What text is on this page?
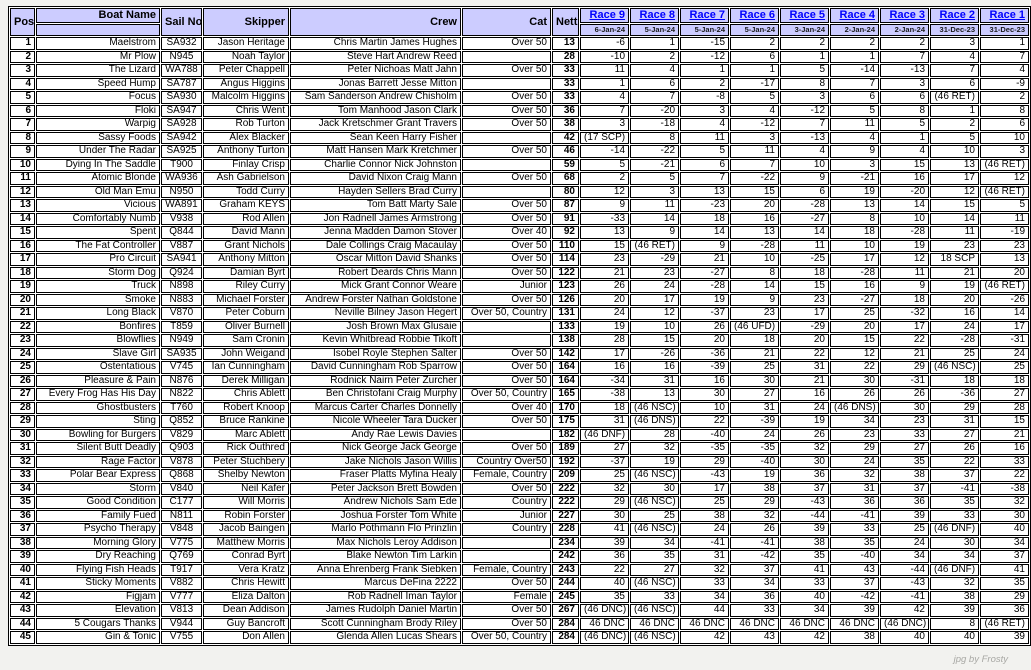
Pos	Boat Name	Sail No	Skipper	Crew	Cat	Nett	Race 9	Race 8	Race 7	Race 6	Race 5	Race 4	Race 3	Race 2	Race 1
							6-Jan-24	5-Jan-24	5-Jan-24	5-Jan-24	3-Jan-24	2-Jan-24	2-Jan-24	31-Dec-23	31-Dec-23
1	Maelstrom	SA932	Jason Heritage	Chris Martin James Hughes	Over 50	13	-6	1	-15	2	2	2	2	3	1
2	Mr Plow	N945	Noah Taylor	Steve Hart Andrew Reed		28	-10	2	-12	6	1	1	7	4	7
3	The Lizard	WA788	Peter Chappell	Peter Nichoas Matt Jahn	Over 50	33	11	4	1	1	5	-14	-13	7	4
4	Speed Hump	SA787	Angus Higgins	Jonas Barrett Jesse Mitton		33	1	6	2	-17	8	7	3	6	-9
5	Focus	SA930	Malcolm Higgins	Sam Sanderson Andrew Chisholm	Over 50	33	4	7	-8	5	3	6	6	(46 RET)	2
6	Floki	SA947	Chris Went	Tom Manhood Jason Clark	Over 50	36	7	-20	3	4	-12	5	8	1	8
7	Warpig	SA928	Rob Turton	Jack Kretschmer Grant Travers	Over 50	38	3	-18	4	-12	7	11	5	2	6
8	Sassy Foods	SA942	Alex Blacker	Sean Keen Harry Fisher		42	(17 SCP)	8	11	3	-13	4	1	5	10
9	Under The Radar	SA925	Anthony Turton	Matt Hansen Mark Kretchmer	Over 50	46	-14	-22	5	11	4	9	4	10	3
10	Dying In The Saddle	T900	Finlay Crisp	Charlie Connor Nick Johnston		59	5	-21	6	7	10	3	15	13	(46 RET)
11	Atomic Blonde	WA936	Ash Gabrielson	David Nixon Craig Mann	Over 50	68	2	5	7	-22	9	-21	16	17	12
12	Old Man Emu	N950	Todd Curry	Hayden Sellers Brad Curry		80	12	3	13	15	6	19	-20	12	(46 RET)
13	Vicious	WA891	Graham KEYS	Tom Batt Marty Sale	Over 50	87	9	11	-23	20	-28	13	14	15	5
14	Comfortably Numb	V938	Rod Allen	Jon Radnell James Armstrong	Over 50	91	-33	14	18	16	-27	8	10	14	11
15	Spent	Q844	David Mann	Jenna Madden Damon Stover	Over 40	92	13	9	14	13	14	18	-28	11	-19
16	The Fat Controller	V887	Grant Nichols	Dale Collings Craig Macaulay	Over 50	110	15	(46 RET)	9	-28	11	10	19	23	23
17	Pro Circuit	SA941	Anthony Mitton	Oscar Mitton David Shanks	Over 50	114	23	-29	21	10	-25	17	12	18 SCP	13
18	Storm Dog	Q924	Damian Byrt	Robert Deards Chris Mann	Over 50	122	21	23	-27	8	18	-28	11	21	20
19	Truck	N898	Riley Curry	Mick Grant Connor Weare	Junior	123	26	24	-28	14	15	16	9	19	(46 RET)
20	Smoke	N883	Michael Forster	Andrew Forster Nathan Goldstone	Over 50	126	20	17	19	9	23	-27	18	20	-26
21	Long Black	V870	Peter Coburn	Neville Bilney Jason Hegert	Over 50, Country	131	24	12	-37	23	17	25	-32	16	14
22	Bonfires	T859	Oliver Burnell	Josh Brown Max Glusaie		133	19	10	26	(46 UFD)	-29	20	17	24	17
23	Blowflies	N949	Sam Cronin	Kevin Whitbread Robbie Tikoft		138	28	15	20	18	20	15	22	-28	-31
24	Slave Girl	SA935	John Weigand	Isobel Royle Stephen Salter	Over 50	142	17	-26	-36	21	22	12	21	25	24
25	Ostentatious	V745	Ian Cunningham	David Cunningham Rob Sparrow	Over 50	164	16	16	-39	25	31	22	29	(46 NSC)	25
26	Pleasure & Pain	N876	Derek Milligan	Rodnick Nairn Peter Zurcher	Over 50	164	-34	31	16	30	21	30	-31	18	18
27	Every Frog Has His Day	N822	Chris Ablett	Ben Christofani Craig Murphy	Over 50, Country	165	-38	13	30	27	16	26	26	-36	27
28	Ghostbusters	T760	Robert Knoop	Marcus Carter Charles Donnelly	Over 40	170	18	(46 NSC)	10	31	24	(46 DNS)	30	29	28
29	Sting	Q852	Bruce Rankine	Nicole Wheeler Tara Ducker	Over 50	175	31	(46 DNS)	22	-39	19	34	23	31	15
30	Bowling for Burgers	V829	Marc Ablett	Andy Rae Lewis Davies		182	(46 DNF)	28	-40	24	26	23	33	27	21
31	Silent Butt Deadly	Q903	Rick Outhred	Nick George Jack George	Over 50	189	27	32	-35	-35	32	29	27	26	16
32	Rage Factor	V878	Peter Stuchbery	Jake Nichols Jason Willis	Country Over50	192	-37	19	29	-40	30	24	35	22	33
33	Polar Bear Express	Q868	Shelby Newton	Fraser Platts Myfina Healy	Female, Country	209	25	(46 NSC)	-43	19	36	32	38	37	22
34	Storm	V840	Neil Kafer	Peter Jackson Brett Bowden	Over 50	222	32	30	17	38	37	31	37	-41	-38
35	Good Condition	C177	Will Morris	Andrew Nichols Sam Ede	Country	222	29	(46 NSC)	25	29	-43	36	36	35	32
36	Family Fued	N811	Robin Forster	Joshua Forster Tom White	Junior	227	30	25	38	32	-44	-41	39	33	30
37	Psycho Therapy	V848	Jacob Baingen	Marlo Pothmann Flo Prinzlin	Country	228	41	(46 NSC)	24	26	39	33	25	(46 DNF)	40
38	Morning Glory	V775	Matthew Morris	Max Nichols Leroy Addison		234	39	34	-41	-41	38	35	24	30	34
39	Dry Reaching	Q769	Conrad Byrt	Blake Newton Tim Larkin		242	36	35	31	-42	35	-40	34	34	37
40	Flying Fish Heads	T917	Vera Kratz	Anna Ehrenberg Frank Siebken	Female, Country	243	22	27	32	37	41	43	-44	(46 DNF)	41
41	Sticky Moments	V882	Chris Hewitt	Marcus DeFina 2222	Over 50	244	40	(46 NSC)	33	34	33	37	-43	32	35
42	Figjam	V777	Eliza Dalton	Rob Radnell Iman Taylor	Female	245	35	33	34	36	40	-42	-41	38	29
43	Elevation	V813	Dean Addison	James Rudolph Daniel Martin	Over 50	267	(46 DNC)	(46 NSC)	44	33	34	39	42	39	36
44	5 Cougars Thanks	V944	Guy Bancroft	Scott Cunningham Brody Riley	Over 50	284	46 DNC	46 DNC	46 DNC	46 DNC	46 DNC	46 DNC	(46 DNC)	8	(46 RET)
45	Gin & Tonic	V755	Don Allen	Glenda Allen Lucas Shears	Over 50, Country	284	(46 DNC)	(46 NSC)	42	43	42	38	40	40	39
jpg by Frosty
